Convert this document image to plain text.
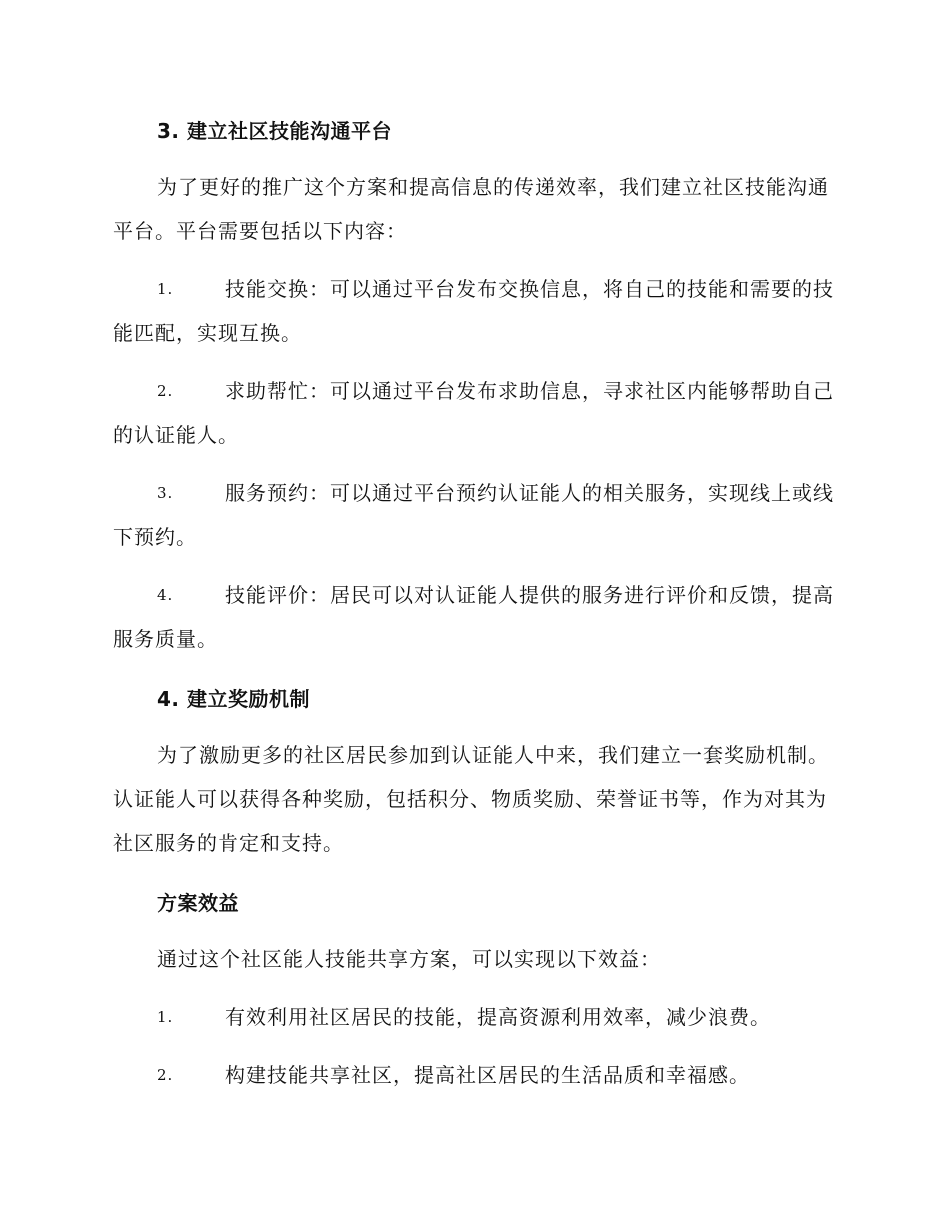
3. 建立社区技能沟通平台
为了更好的推广这个方案和提高信息的传递效率，我们建立社区技能沟通平台。平台需要包括以下内容：
1.	技能交换：可以通过平台发布交换信息，将自己的技能和需要的技能匹配，实现互换。
2.	求助帮忙：可以通过平台发布求助信息，寻求社区内能够帮助自己的认证能人。
3.	服务预约：可以通过平台预约认证能人的相关服务，实现线上或线下预约。
4.	技能评价：居民可以对认证能人提供的服务进行评价和反馈，提高服务质量。
4. 建立奖励机制
为了激励更多的社区居民参加到认证能人中来，我们建立一套奖励机制。认证能人可以获得各种奖励，包括积分、物质奖励、荣誉证书等，作为对其为社区服务的肯定和支持。
方案效益
通过这个社区能人技能共享方案，可以实现以下效益：
1.	有效利用社区居民的技能，提高资源利用效率，减少浪费。
2.	构建技能共享社区，提高社区居民的生活品质和幸福感。
